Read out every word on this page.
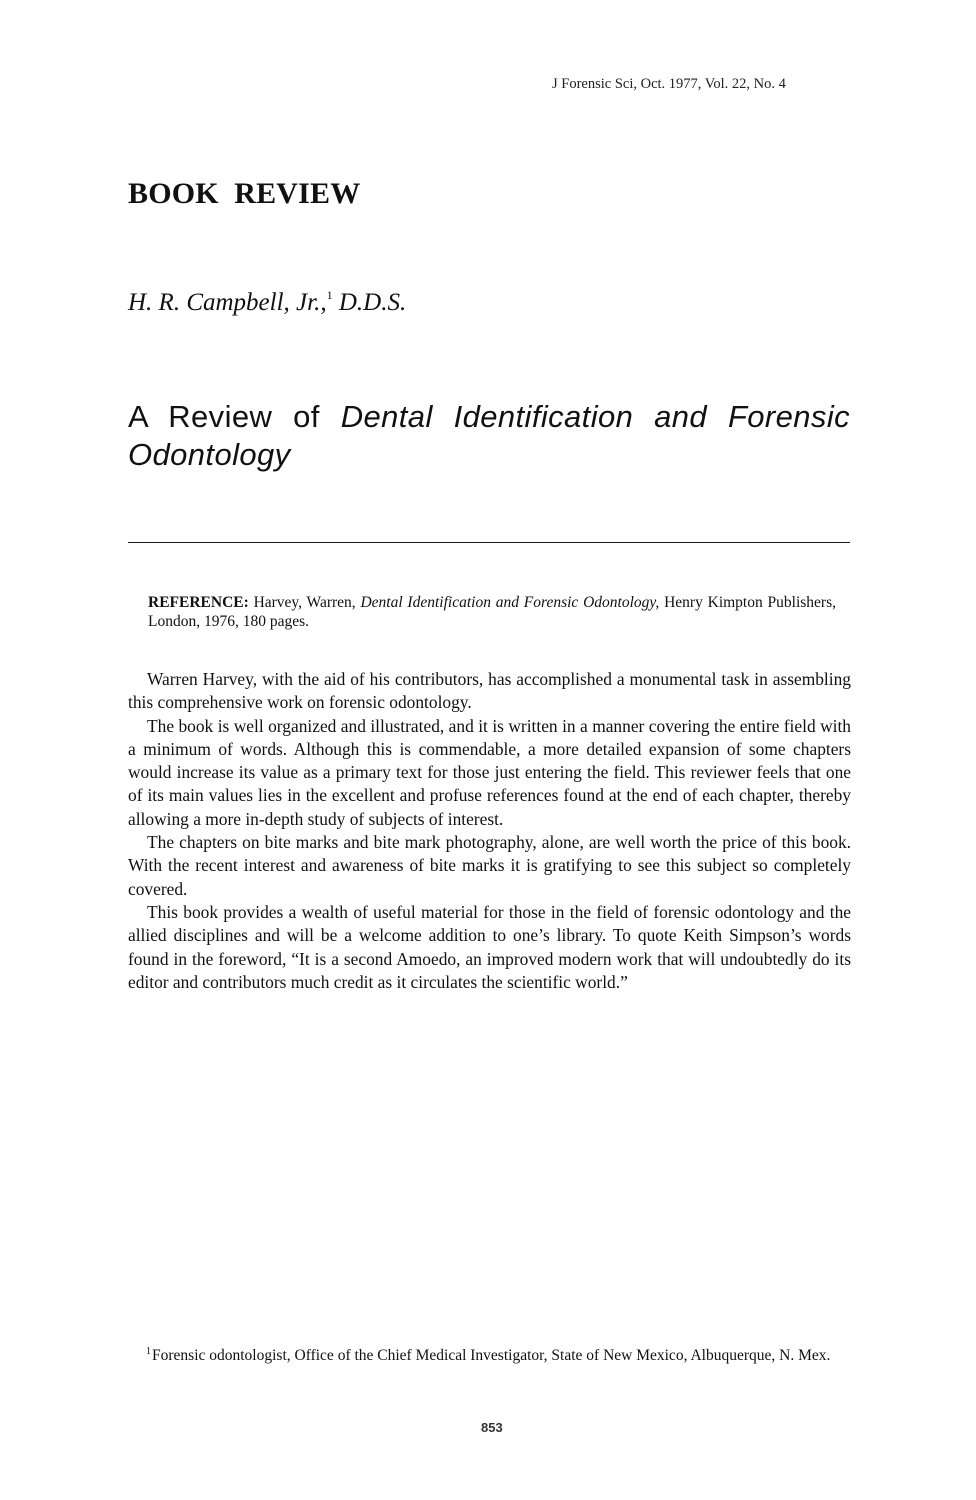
J Forensic Sci, Oct. 1977, Vol. 22, No. 4
BOOK  REVIEW
H. R. Campbell, Jr.,$^1$ D.D.S.
A Review of Dental Identification and Forensic Odontology
REFERENCE: Harvey, Warren, Dental Identification and Forensic Odontology, Henry Kimpton Publishers, London, 1976, 180 pages.

Warren Harvey, with the aid of his contributors, has accomplished a monumental task in assembling this comprehensive work on forensic odontology.

The book is well organized and illustrated, and it is written in a manner covering the entire field with a minimum of words. Although this is commendable, a more detailed expansion of some chapters would increase its value as a primary text for those just entering the field. This reviewer feels that one of its main values lies in the excellent and profuse references found at the end of each chapter, thereby allowing a more in-depth study of subjects of interest.

The chapters on bite marks and bite mark photography, alone, are well worth the price of this book. With the recent interest and awareness of bite marks it is gratifying to see this subject so completely covered.

This book provides a wealth of useful material for those in the field of forensic odontology and the allied disciplines and will be a welcome addition to one’s library. To quote Keith Simpson’s words found in the foreword, “It is a second Amoedo, an improved modern work that will undoubtedly do its editor and contributors much credit as it circulates the scientific world.”

$^1$Forensic odontologist, Office of the Chief Medical Investigator, State of New Mexico, Albuquerque, N. Mex.

853
